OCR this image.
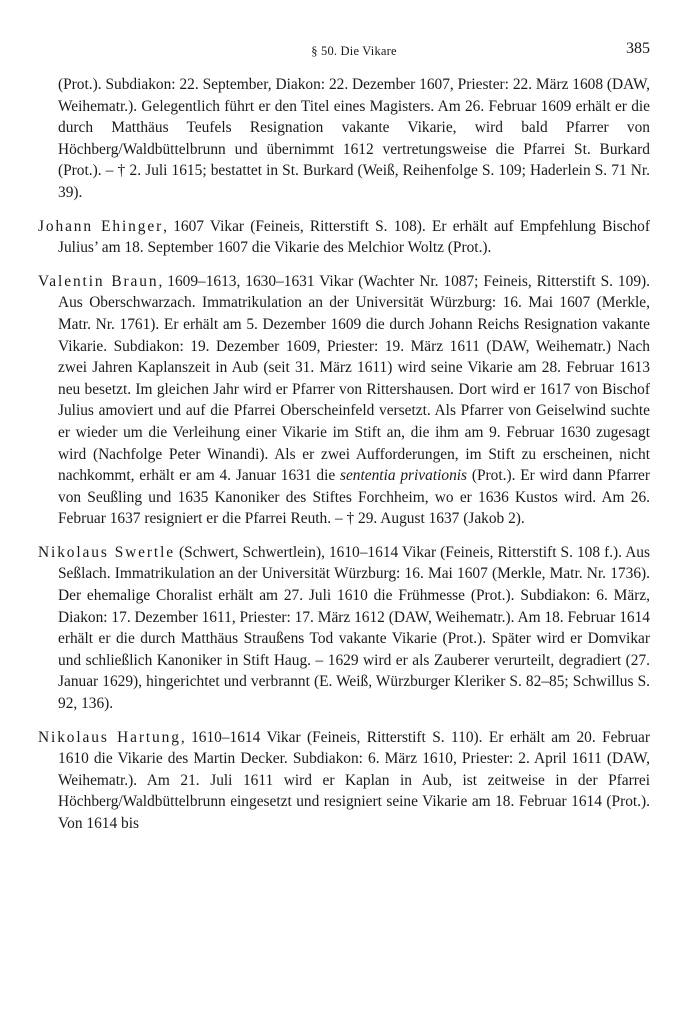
§ 50. Die Vikare	385

(Prot.). Subdiakon: 22. September, Diakon: 22. Dezember 1607, Priester: 22. März 1608 (DAW, Weihematr.). Gelegentlich führt er den Titel eines Magisters. Am 26. Februar 1609 erhält er die durch Matthäus Teufels Resignation vakante Vikarie, wird bald Pfarrer von Höchberg/Waldbüttelbrunn und übernimmt 1612 vertretungsweise die Pfarrei St. Burkard (Prot.). – † 2. Juli 1615; bestattet in St. Burkard (Weiß, Reihenfolge S. 109; Haderlein S. 71 Nr. 39).

Johann Ehinger, 1607 Vikar (Feineis, Ritterstift S. 108). Er erhält auf Empfehlung Bischof Julius’ am 18. September 1607 die Vikarie des Melchior Woltz (Prot.).

Valentin Braun, 1609–1613, 1630–1631 Vikar (Wachter Nr. 1087; Feineis, Ritterstift S. 109). Aus Oberschwarzach. Immatrikulation an der Universität Würzburg: 16. Mai 1607 (Merkle, Matr. Nr. 1761). Er erhält am 5. Dezember 1609 die durch Johann Reichs Resignation vakante Vikarie. Subdiakon: 19. Dezember 1609, Priester: 19. März 1611 (DAW, Weihematr.) Nach zwei Jahren Kaplanszeit in Aub (seit 31. März 1611) wird seine Vikarie am 28. Februar 1613 neu besetzt. Im gleichen Jahr wird er Pfarrer von Rittershausen. Dort wird er 1617 von Bischof Julius amoviert und auf die Pfarrei Oberscheinfeld versetzt. Als Pfarrer von Geiselwind suchte er wieder um die Verleihung einer Vikarie im Stift an, die ihm am 9. Februar 1630 zugesagt wird (Nachfolge Peter Winandi). Als er zwei Aufforderungen, im Stift zu erscheinen, nicht nachkommt, erhält er am 4. Januar 1631 die sententia privationis (Prot.). Er wird dann Pfarrer von Seußling und 1635 Kanoniker des Stiftes Forchheim, wo er 1636 Kustos wird. Am 26. Februar 1637 resigniert er die Pfarrei Reuth. – † 29. August 1637 (Jakob 2).

Nikolaus Swertle (Schwert, Schwertlein), 1610–1614 Vikar (Feineis, Ritterstift S. 108 f.). Aus Seßlach. Immatrikulation an der Universität Würzburg: 16. Mai 1607 (Merkle, Matr. Nr. 1736). Der ehemalige Choralist erhält am 27. Juli 1610 die Frühmesse (Prot.). Subdiakon: 6. März, Diakon: 17. Dezember 1611, Priester: 17. März 1612 (DAW, Weihematr.). Am 18. Februar 1614 erhält er die durch Matthäus Straußens Tod vakante Vikarie (Prot.). Später wird er Domvikar und schließlich Kanoniker in Stift Haug. – 1629 wird er als Zauberer verurteilt, degradiert (27. Januar 1629), hingerichtet und verbrannt (E. Weiß, Würzburger Kleriker S. 82–85; Schwillus S. 92, 136).

Nikolaus Hartung, 1610–1614 Vikar (Feineis, Ritterstift S. 110). Er erhält am 20. Februar 1610 die Vikarie des Martin Decker. Subdiakon: 6. März 1610, Priester: 2. April 1611 (DAW, Weihematr.). Am 21. Juli 1611 wird er Kaplan in Aub, ist zeitweise in der Pfarrei Höchberg/Waldbüttelbrunn eingesetzt und resigniert seine Vikarie am 18. Februar 1614 (Prot.). Von 1614 bis
